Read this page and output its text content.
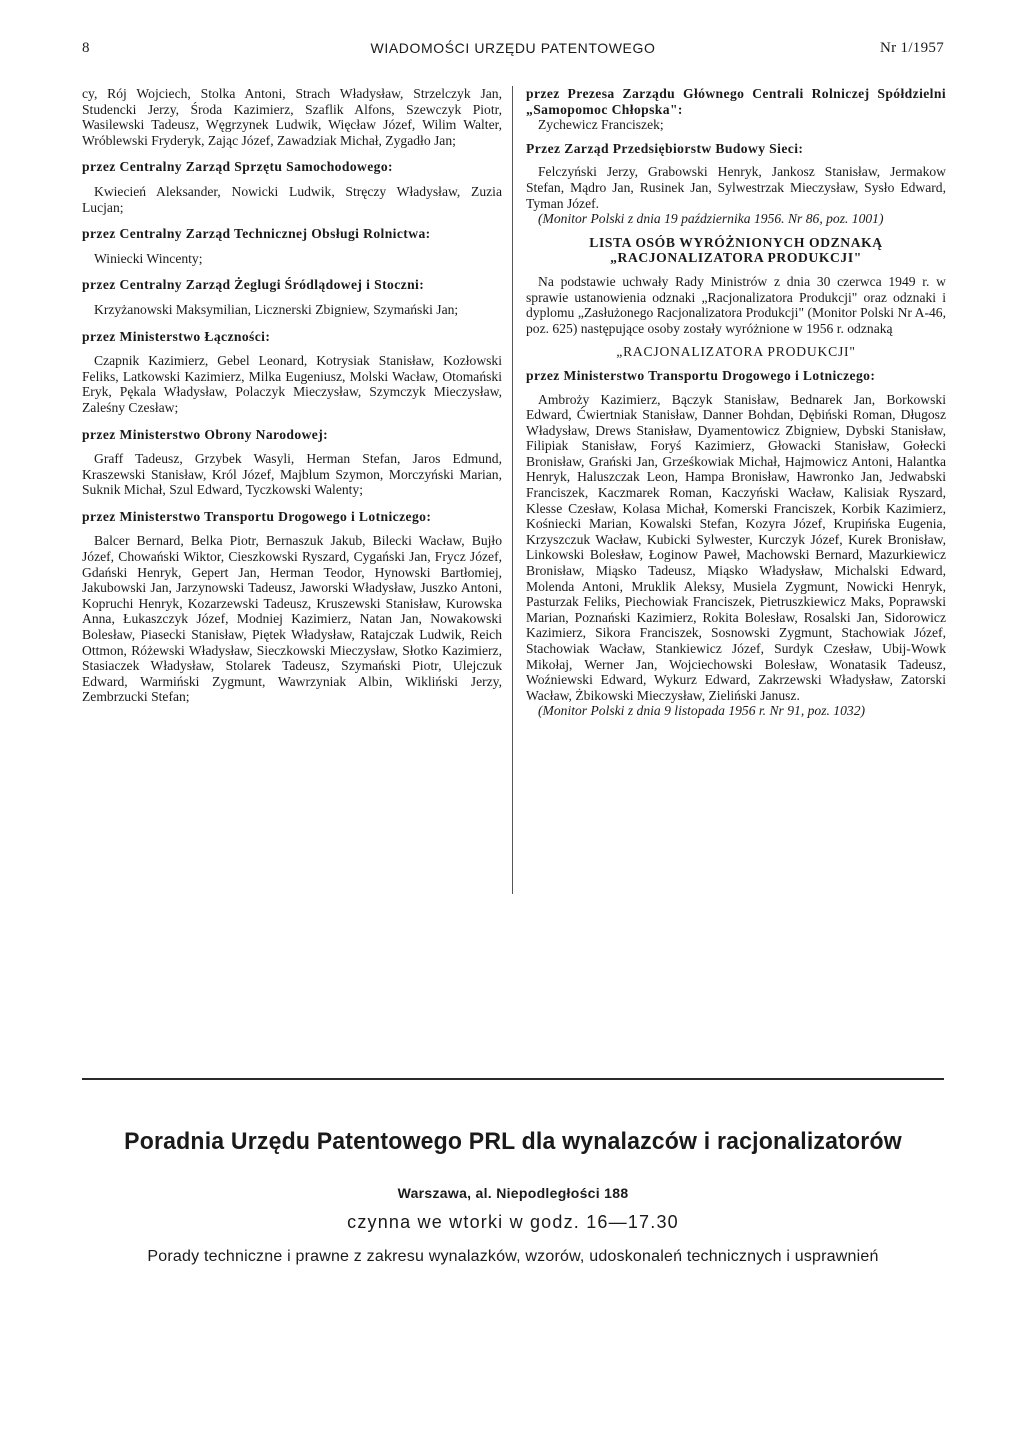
8	WIADOMOŚCI URZĘDU PATENTOWEGO	Nr 1/1957

cy, Rój Wojciech, Stolka Antoni, Strach Władysław, Strzelczyk Jan, Studencki Jerzy, Środa Kazimierz, Szaflik Alfons, Szewczyk Piotr, Wasilewski Tadeusz, Węgrzynek Ludwik, Więcław Józef, Wilim Walter, Wróblewski Fryderyk, Zając Józef, Zawadziak Michał, Zygadło Jan;

przez Centralny Zarząd Sprzętu Samochodowego:

Kwiecień Aleksander, Nowicki Ludwik, Stręczy Władysław, Zuzia Lucjan;

przez Centralny Zarząd Technicznej Obsługi Rolnictwa:

Winiecki Wincenty;

przez Centralny Zarząd Żeglugi Śródlądowej i Stoczni:

Krzyżanowski Maksymilian, Licznerski Zbigniew, Szymański Jan;

przez Ministerstwo Łączności:

Czapnik Kazimierz, Gebel Leonard, Kotrysiak Stanisław, Kozłowski Feliks, Latkowski Kazimierz, Milka Eugeniusz, Molski Wacław, Otomański Eryk, Pękala Władysław, Polaczyk Mieczysław, Szymczyk Mieczysław, Zaleśny Czesław;

przez Ministerstwo Obrony Narodowej:

Graff Tadeusz, Grzybek Wasyli, Herman Stefan, Jaros Edmund, Kraszewski Stanisław, Król Józef, Majblum Szymon, Morczyński Marian, Suknik Michał, Szul Edward, Tyczkowski Walenty;

przez Ministerstwo Transportu Drogowego i Lotniczego:

Balcer Bernard, Belka Piotr, Bernaszuk Jakub, Bilecki Wacław, Bujło Józef, Chowański Wiktor, Cieszkowski Ryszard, Cygański Jan, Frycz Józef, Gdański Henryk, Gepert Jan, Herman Teodor, Hynowski Bartłomiej, Jakubowski Jan, Jarzynowski Tadeusz, Jaworski Władysław, Juszko Antoni, Kopruchi Henryk, Kozarzewski Tadeusz, Kruszewski Stanisław, Kurowska Anna, Łukaszczyk Józef, Modniej Kazimierz, Natan Jan, Nowakowski Bolesław, Piasecki Stanisław, Piętek Władysław, Ratajczak Ludwik, Reich Ottmon, Różewski Władysław, Sieczkowski Mieczysław, Słotko Kazimierz, Stasiaczek Władysław, Stolarek Tadeusz, Szymański Piotr, Ulejczuk Edward, Warmiński Zygmunt, Wawrzyniak Albin, Wikliński Jerzy, Zembrzucki Stefan;

przez Prezesa Zarządu Głównego Centrali Rolniczej Spółdzielni „Samopomoc Chłopska":

Zychewicz Franciszek;

Przez Zarząd Przedsiębiorstw Budowy Sieci:

Felczyński Jerzy, Grabowski Henryk, Jankosz Stanisław, Jermakow Stefan, Mądro Jan, Rusinek Jan, Sylwestrzak Mieczysław, Sysło Edward, Tyman Józef.

(Monitor Polski z dnia 19 października 1956. Nr 86, poz. 1001)

LISTA OSÓB WYRÓŻNIONYCH ODZNAKĄ

„RACJONALIZATORA PRODUKCJI"

Na podstawie uchwały Rady Ministrów z dnia 30 czerwca 1949 r. w sprawie ustanowienia odznaki „Racjonalizatora Produkcji" oraz odznaki i dyplomu „Zasłużonego Racjonalizatora Produkcji" (Monitor Polski Nr A-46, poz. 625) następujące osoby zostały wyróżnione w 1956 r. odznaką

„RACJONALIZATORA PRODUKCJI"

przez Ministerstwo Transportu Drogowego i Lotniczego:

Ambroży Kazimierz, Bączyk Stanisław, Bednarek Jan, Borkowski Edward, Ćwiertniak Stanisław, Danner Bohdan, Dębiński Roman, Długosz Władysław, Drews Stanisław, Dyamentowicz Zbigniew, Dybski Stanisław, Filipiak Stanisław, Foryś Kazimierz, Głowacki Stanisław, Gołecki Bronisław, Grański Jan, Grześkowiak Michał, Hajmowicz Antoni, Halantka Henryk, Haluszczak Leon, Hampa Bronisław, Hawronko Jan, Jedwabski Franciszek, Kaczmarek Roman, Kaczyński Wacław, Kalisiak Ryszard, Klesse Czesław, Kolasa Michał, Komerski Franciszek, Korbik Kazimierz, Kośniecki Marian, Kowalski Stefan, Kozyra Józef, Krupińska Eugenia, Krzyszczuk Wacław, Kubicki Sylwester, Kurczyk Józef, Kurek Bronisław, Linkowski Bolesław, Łoginow Paweł, Machowski Bernard, Mazurkiewicz Bronisław, Miąsko Tadeusz, Miąsko Władysław, Michalski Edward, Molenda Antoni, Mruklik Aleksy, Musiela Zygmunt, Nowicki Henryk, Pasturzak Feliks, Piechowiak Franciszek, Pietruszkiewicz Maks, Poprawski Marian, Poznański Kazimierz, Rokita Bolesław, Rosalski Jan, Sidorowicz Kazimierz, Sikora Franciszek, Sosnowski Zygmunt, Stachowiak Józef, Stachowiak Wacław, Stankiewicz Józef, Surdyk Czesław, Ubij-Wowk Mikołaj, Werner Jan, Wojciechowski Bolesław, Wonatasik Tadeusz, Woźniewski Edward, Wykurz Edward, Zakrzewski Władysław, Zatorski Wacław, Żbikowski Mieczysław, Zieliński Janusz.

(Monitor Polski z dnia 9 listopada 1956 r. Nr 91, poz. 1032)

Poradnia Urzędu Patentowego PRL dla wynalazców i racjonalizatorów
Warszawa, al. Niepodległości 188
czynna we wtorki w godz. 16—17.30
Porady techniczne i prawne z zakresu wynalazków, wzorów, udoskonaleń technicznych i usprawnień
